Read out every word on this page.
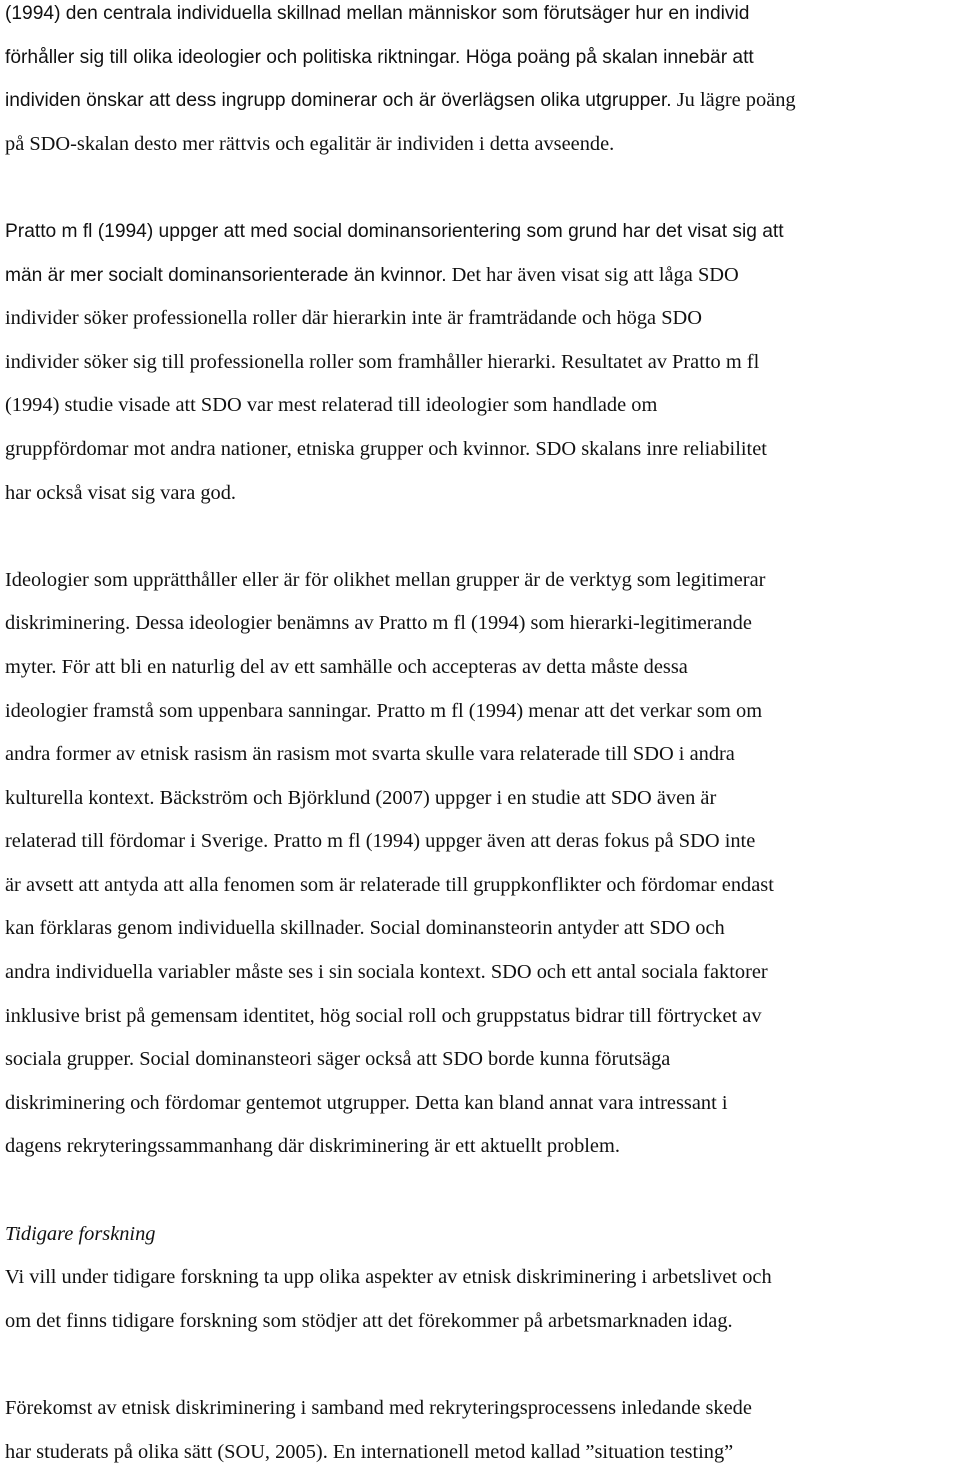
(1994) den centrala individuella skillnad mellan människor som förutsäger hur en individ
förhåller sig till olika ideologier och politiska riktningar. Höga poäng på skalan innebär att
individen önskar att dess ingrupp dominerar och är överlägsen olika utgrupper. Ju lägre poäng
på SDO-skalan desto mer rättvis och egalitär är individen i detta avseende.

Pratto m fl (1994) uppger att med social dominansorientering som grund har det visat sig att
män är mer socialt dominansorienterade än kvinnor. Det har även visat sig att låga SDO
individer söker professionella roller där hierarkin inte är framträdande och höga SDO
individer söker sig till professionella roller som framhåller hierarki. Resultatet av Pratto m fl
(1994) studie visade att SDO var mest relaterad till ideologier som handlade om
gruppfördomar mot andra nationer, etniska grupper och kvinnor. SDO skalans inre reliabilitet
har också visat sig vara god.

Ideologier som upprätthåller eller är för olikhet mellan grupper är de verktyg som legitimerar
diskriminering. Dessa ideologier benämns av Pratto m fl (1994) som hierarki-legitimerande
myter. För att bli en naturlig del av ett samhälle och accepteras av detta måste dessa
ideologier framstå som uppenbara sanningar. Pratto m fl (1994) menar att det verkar som om
andra former av etnisk rasism än rasism mot svarta skulle vara relaterade till SDO i andra
kulturella kontext. Bäckström och Björklund (2007) uppger i en studie att SDO även är
relaterad till fördomar i Sverige. Pratto m fl (1994) uppger även att deras fokus på SDO inte
är avsett att antyda att alla fenomen som är relaterade till gruppkonflikter och fördomar endast
kan förklaras genom individuella skillnader. Social dominansteorin antyder att SDO och
andra individuella variabler måste ses i sin sociala kontext. SDO och ett antal sociala faktorer
inklusive brist på gemensam identitet, hög social roll och gruppstatus bidrar till förtrycket av
sociala grupper. Social dominansteori säger också att SDO borde kunna förutsäga
diskriminering och fördomar gentemot utgrupper. Detta kan bland annat vara intressant i
dagens rekryteringssammanhang där diskriminering är ett aktuellt problem.

Tidigare forskning

Vi vill under tidigare forskning ta upp olika aspekter av etnisk diskriminering i arbetslivet och
om det finns tidigare forskning som stödjer att det förekommer på arbetsmarknaden idag.

Förekomst av etnisk diskriminering i samband med rekryteringsprocessens inledande skede
har studerats på olika sätt (SOU, 2005). En internationell metod kallad ”situation testing”
